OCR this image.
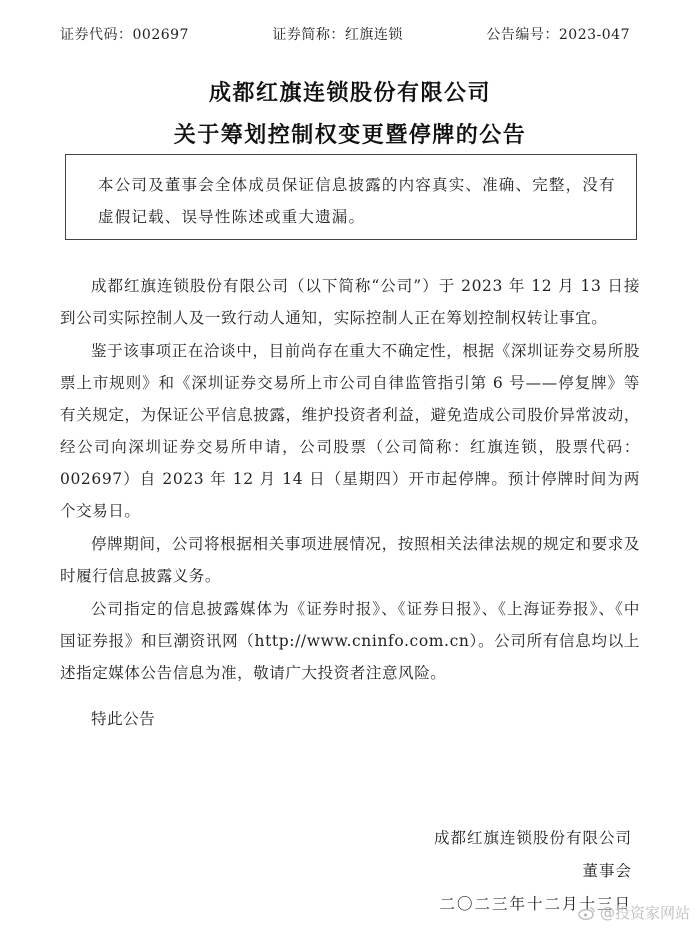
证券代码：002697	证券简称：红旗连锁	公告编号：2023-047
成都红旗连锁股份有限公司
关于筹划控制权变更暨停牌的公告
本公司及董事会全体成员保证信息披露的内容真实、准确、完整，没有虚假记载、误导性陈述或重大遗漏。

成都红旗连锁股份有限公司（以下简称“公司”）于 2023 年 12 月 13 日接到公司实际控制人及一致行动人通知，实际控制人正在筹划控制权转让事宜。

鉴于该事项正在洽谈中，目前尚存在重大不确定性，根据《深圳证券交易所股票上市规则》和《深圳证券交易所上市公司自律监管指引第 6 号——停复牌》等有关规定，为保证公平信息披露，维护投资者利益，避免造成公司股价异常波动，经公司向深圳证券交易所申请，公司股票（公司简称：红旗连锁，股票代码：002697）自 2023 年 12 月 14 日（星期四）开市起停牌。预计停牌时间为两个交易日。

停牌期间，公司将根据相关事项进展情况，按照相关法律法规的规定和要求及时履行信息披露义务。

公司指定的信息披露媒体为《证券时报》、《证券日报》、《上海证券报》、《中国证券报》和巨潮资讯网（http://www.cninfo.com.cn）。公司所有信息均以上述指定媒体公告信息为准，敬请广大投资者注意风险。

特此公告

成都红旗连锁股份有限公司
董事会
二〇二三年十二月十三日
@投资家网站
